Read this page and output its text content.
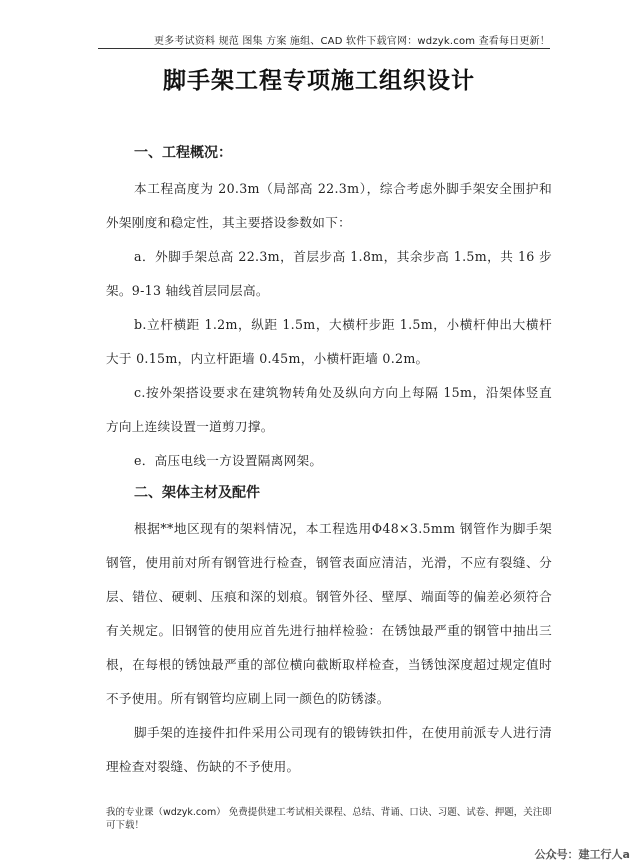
更多考试资料 规范 图集 方案 施组、CAD 软件下载官网：wdzyk.com 查看每日更新！
脚手架工程专项施工组织设计
一、工程概况：

本工程高度为 20.3m（局部高 22.3m），综合考虑外脚手架安全围护和外架刚度和稳定性，其主要搭设参数如下：

a．外脚手架总高 22.3m，首层步高 1.8m，其余步高 1.5m，共 16 步架。9-13 轴线首层同层高。

b.立杆横距 1.2m，纵距 1.5m，大横杆步距 1.5m，小横杆伸出大横杆大于 0.15m，内立杆距墙 0.45m，小横杆距墙 0.2m。

c.按外架搭设要求在建筑物转角处及纵向方向上每隔 15m，沿架体竖直方向上连续设置一道剪刀撑。

e．高压电线一方设置隔离网架。

二、架体主材及配件

根据**地区现有的架料情况，本工程选用Φ48×3.5mm 钢管作为脚手架钢管，使用前对所有钢管进行检查，钢管表面应清洁，光滑，不应有裂缝、分层、错位、硬刺、压痕和深的划痕。钢管外径、壁厚、端面等的偏差必须符合有关规定。旧钢管的使用应首先进行抽样检验：在锈蚀最严重的钢管中抽出三根，在每根的锈蚀最严重的部位横向截断取样检查，当锈蚀深度超过规定值时不予使用。所有钢管均应刷上同一颜色的防锈漆。

脚手架的连接件扣件采用公司现有的锻铸铁扣件，在使用前派专人进行清理检查对裂缝、伤缺的不予使用。

我的专业课（wdzyk.com） 免费提供建工考试相关课程、总结、背诵、口诀、习题、试卷、押题，关注即可下载！
公众号：建工行人a
